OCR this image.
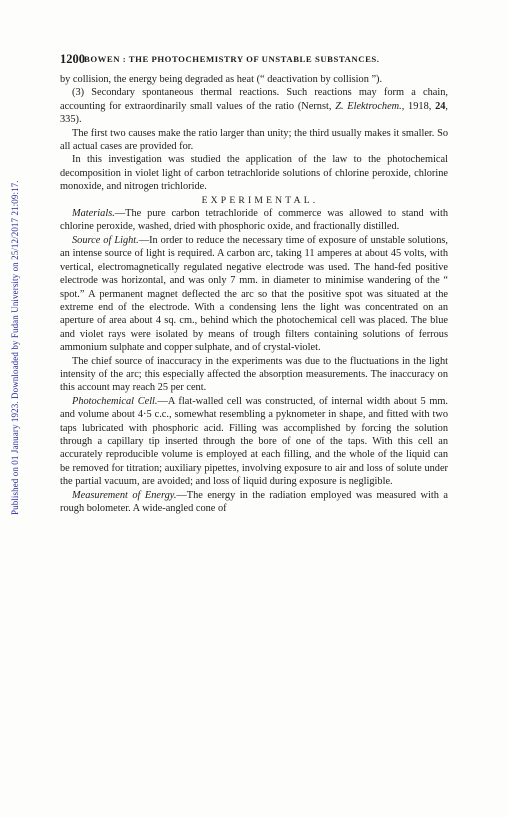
Published on 01 January 1923. Downloaded by Fudan University on 25/12/2017 21:09:17.
1200 BOWEN : THE PHOTOCHEMISTRY OF UNSTABLE SUBSTANCES.

by collision, the energy being degraded as heat (“ deactivation by collision ”).

(3) Secondary spontaneous thermal reactions. Such reactions may form a chain, accounting for extraordinarily small values of the ratio (Nernst, Z. Elektrochem., 1918, 24, 335).

The first two causes make the ratio larger than unity; the third usually makes it smaller. So all actual cases are provided for.

In this investigation was studied the application of the law to the photochemical decomposition in violet light of carbon tetrachloride solutions of chlorine peroxide, chlorine monoxide, and nitrogen trichloride.

EXPERIMENTAL.

Materials.—The pure carbon tetrachloride of commerce was allowed to stand with chlorine peroxide, washed, dried with phosphoric oxide, and fractionally distilled.

Source of Light.—In order to reduce the necessary time of exposure of unstable solutions, an intense source of light is required. A carbon arc, taking 11 amperes at about 45 volts, with vertical, electromagnetically regulated negative electrode was used. The hand-fed positive electrode was horizontal, and was only 7 mm. in diameter to minimise wandering of the “ spot.” A permanent magnet deflected the arc so that the positive spot was situated at the extreme end of the electrode. With a condensing lens the light was concentrated on an aperture of area about 4 sq. cm., behind which the photochemical cell was placed. The blue and violet rays were isolated by means of trough filters containing solutions of ferrous ammonium sulphate and copper sulphate, and of crystal-violet.

The chief source of inaccuracy in the experiments was due to the fluctuations in the light intensity of the arc; this especially affected the absorption measurements. The inaccuracy on this account may reach 25 per cent.

Photochemical Cell.—A flat-walled cell was constructed, of internal width about 5 mm. and volume about 4·5 c.c., somewhat resembling a pyknometer in shape, and fitted with two taps lubricated with phosphoric acid. Filling was accomplished by forcing the solution through a capillary tip inserted through the bore of one of the taps. With this cell an accurately reproducible volume is employed at each filling, and the whole of the liquid can be removed for titration; auxiliary pipettes, involving exposure to air and loss of solute under the partial vacuum, are avoided; and loss of liquid during exposure is negligible.

Measurement of Energy.—The energy in the radiation employed was measured with a rough bolometer. A wide-angled cone of
